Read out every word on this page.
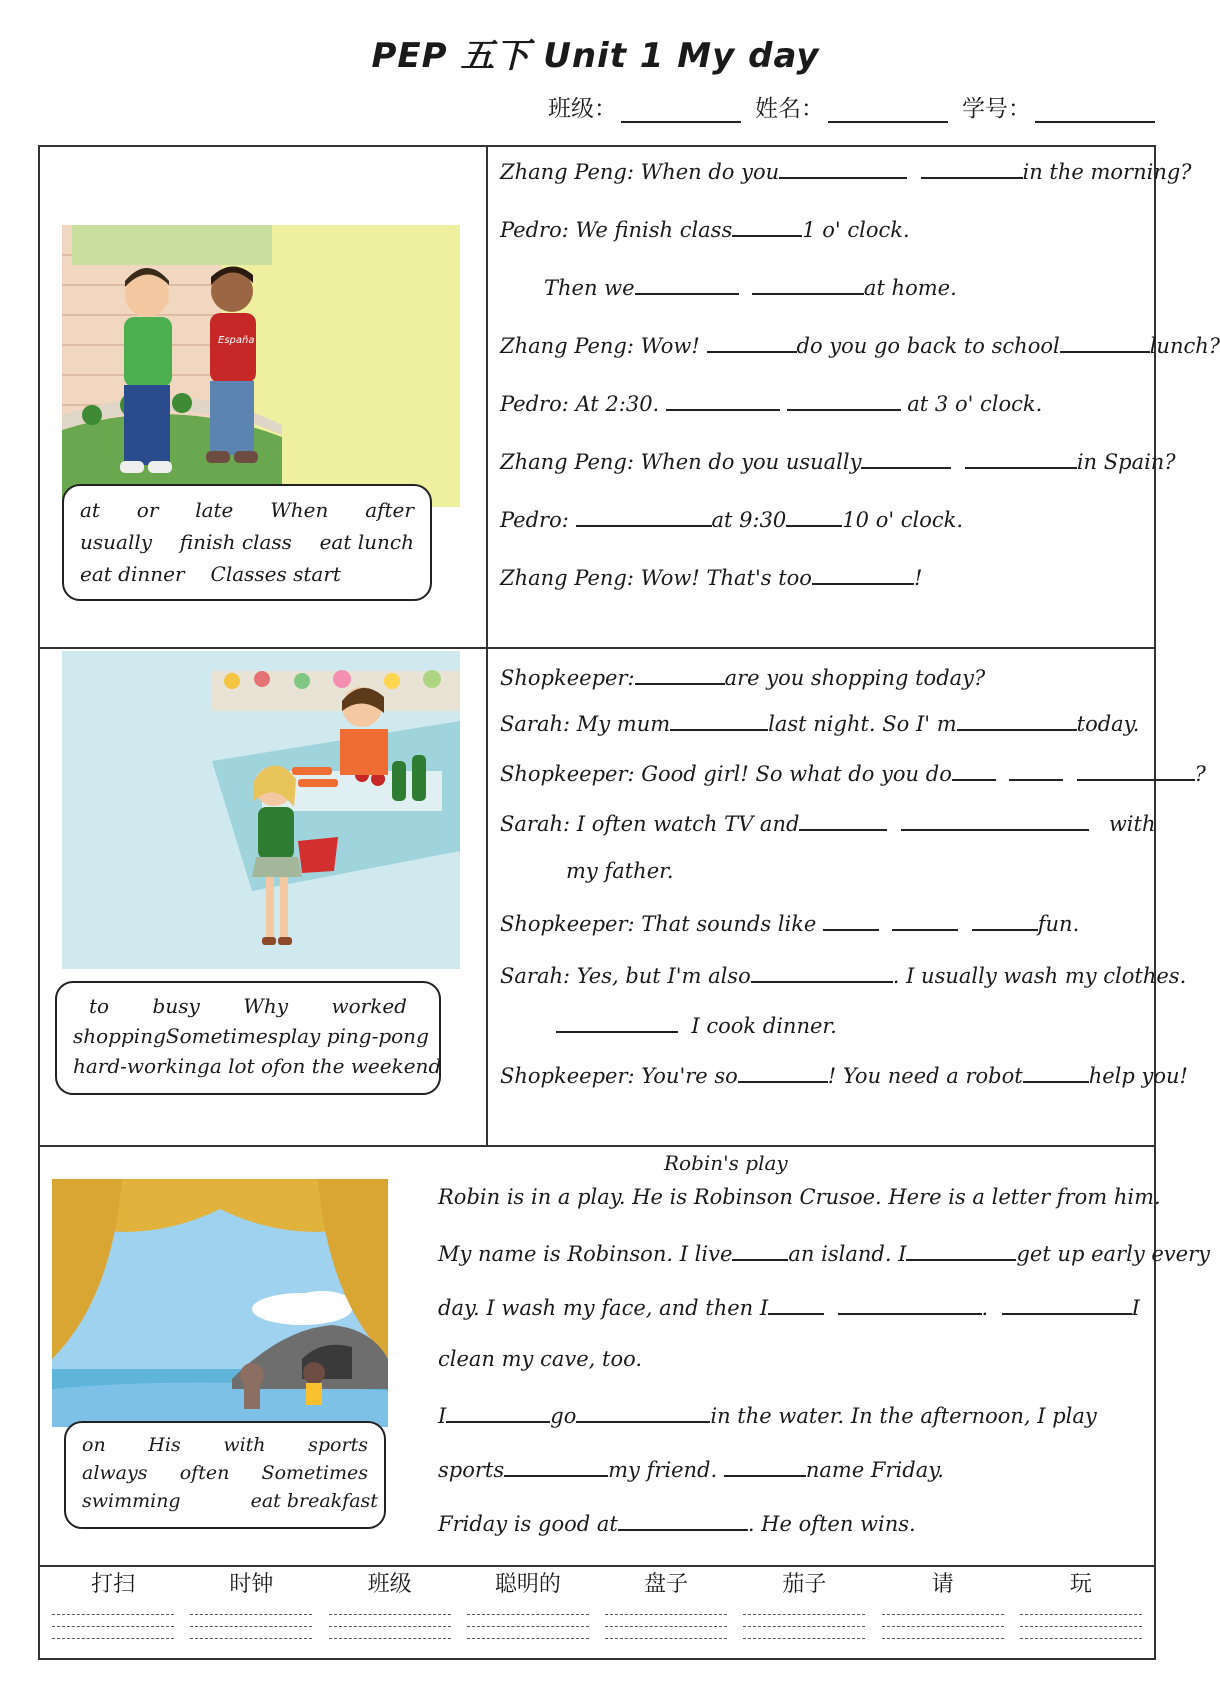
PEP 五下 Unit 1 My day
班级：	姓名：	学号：
España
at or late When after
usually finish class eat lunch
eat dinner Classes start
Zhang Peng: When do you	in the morning?
Pedro: We finish class	1 o' clock.
Then we	at home.
Zhang Peng: Wow!	do you go back to school	lunch?
Pedro: At 2:30.	at 3 o' clock.
Zhang Peng: When do you usually	in Spain?
Pedro:	at 9:30	10 o' clock.
Zhang Peng: Wow! That's too	!
to busy Why worked
shopping Sometimes play ping-pong
hard-working a lot of on the weekend
Shopkeeper:	are you shopping today?
Sarah: My mum	last night. So I' m	today.
Shopkeeper: Good girl! So what do you do	?
Sarah: I often watch TV and	with
my father.
Shopkeeper: That sounds like	fun.
Sarah: Yes, but I'm also	. I usually wash my clothes.
I cook dinner.
Shopkeeper: You're so	! You need a robot	help you!
on His with sports
always often Sometimes
swimming	eat breakfast
Robin's play
Robin is in a play. He is Robinson Crusoe. Here is a letter from him.
My name is Robinson. I live	an island. I	get up early every
day. I wash my face, and then I	.	I
clean my cave, too.
I	go	in the water. In the afternoon, I play
sports	my friend.	name Friday.
Friday is good at	. He often wins.
打扫	时钟	班级	聪明的	盘子	茄子	请	玩
